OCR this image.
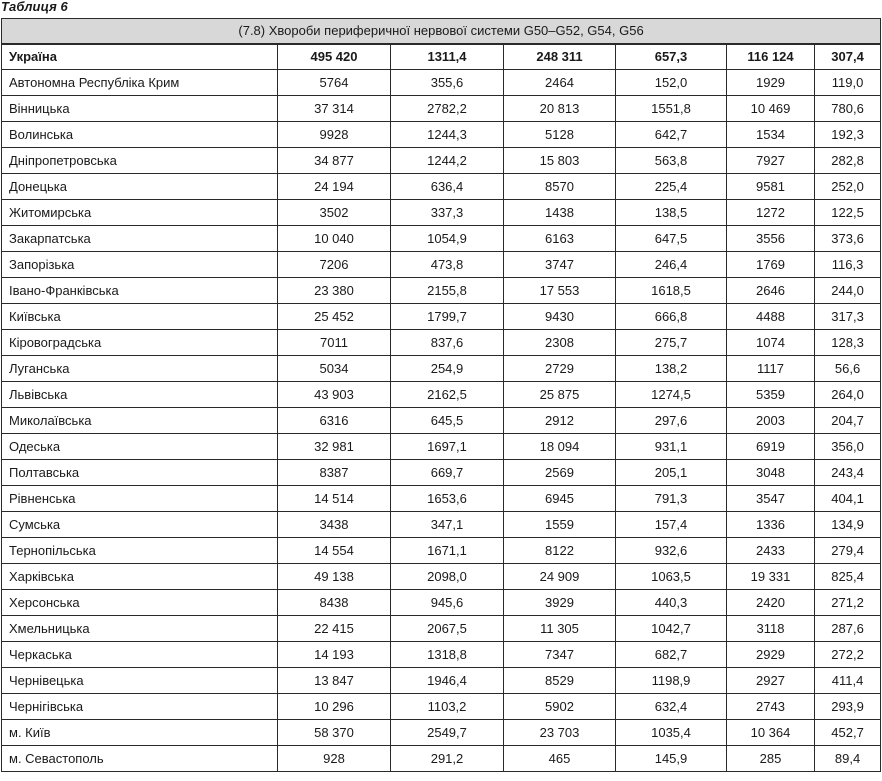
Таблиця 6
(7.8) Хвороби периферичної нервової системи G50–G52, G54, G56						
Україна	495 420	1311,4	248 311	657,3	116 124	307,4
Автономна Республіка Крим	5764	355,6	2464	152,0	1929	119,0
Вінницька	37 314	2782,2	20 813	1551,8	10 469	780,6
Волинська	9928	1244,3	5128	642,7	1534	192,3
Дніпропетровська	34 877	1244,2	15 803	563,8	7927	282,8
Донецька	24 194	636,4	8570	225,4	9581	252,0
Житомирська	3502	337,3	1438	138,5	1272	122,5
Закарпатська	10 040	1054,9	6163	647,5	3556	373,6
Запорізька	7206	473,8	3747	246,4	1769	116,3
Івано-Франківська	23 380	2155,8	17 553	1618,5	2646	244,0
Київська	25 452	1799,7	9430	666,8	4488	317,3
Кіровоградська	7011	837,6	2308	275,7	1074	128,3
Луганська	5034	254,9	2729	138,2	1117	56,6
Львівська	43 903	2162,5	25 875	1274,5	5359	264,0
Миколаївська	6316	645,5	2912	297,6	2003	204,7
Одеська	32 981	1697,1	18 094	931,1	6919	356,0
Полтавська	8387	669,7	2569	205,1	3048	243,4
Рівненська	14 514	1653,6	6945	791,3	3547	404,1
Сумська	3438	347,1	1559	157,4	1336	134,9
Тернопільська	14 554	1671,1	8122	932,6	2433	279,4
Харківська	49 138	2098,0	24 909	1063,5	19 331	825,4
Херсонська	8438	945,6	3929	440,3	2420	271,2
Хмельницька	22 415	2067,5	11 305	1042,7	3118	287,6
Черкаська	14 193	1318,8	7347	682,7	2929	272,2
Чернівецька	13 847	1946,4	8529	1198,9	2927	411,4
Чернігівська	10 296	1103,2	5902	632,4	2743	293,9
м. Київ	58 370	2549,7	23 703	1035,4	10 364	452,7
м. Севастополь	928	291,2	465	145,9	285	89,4
